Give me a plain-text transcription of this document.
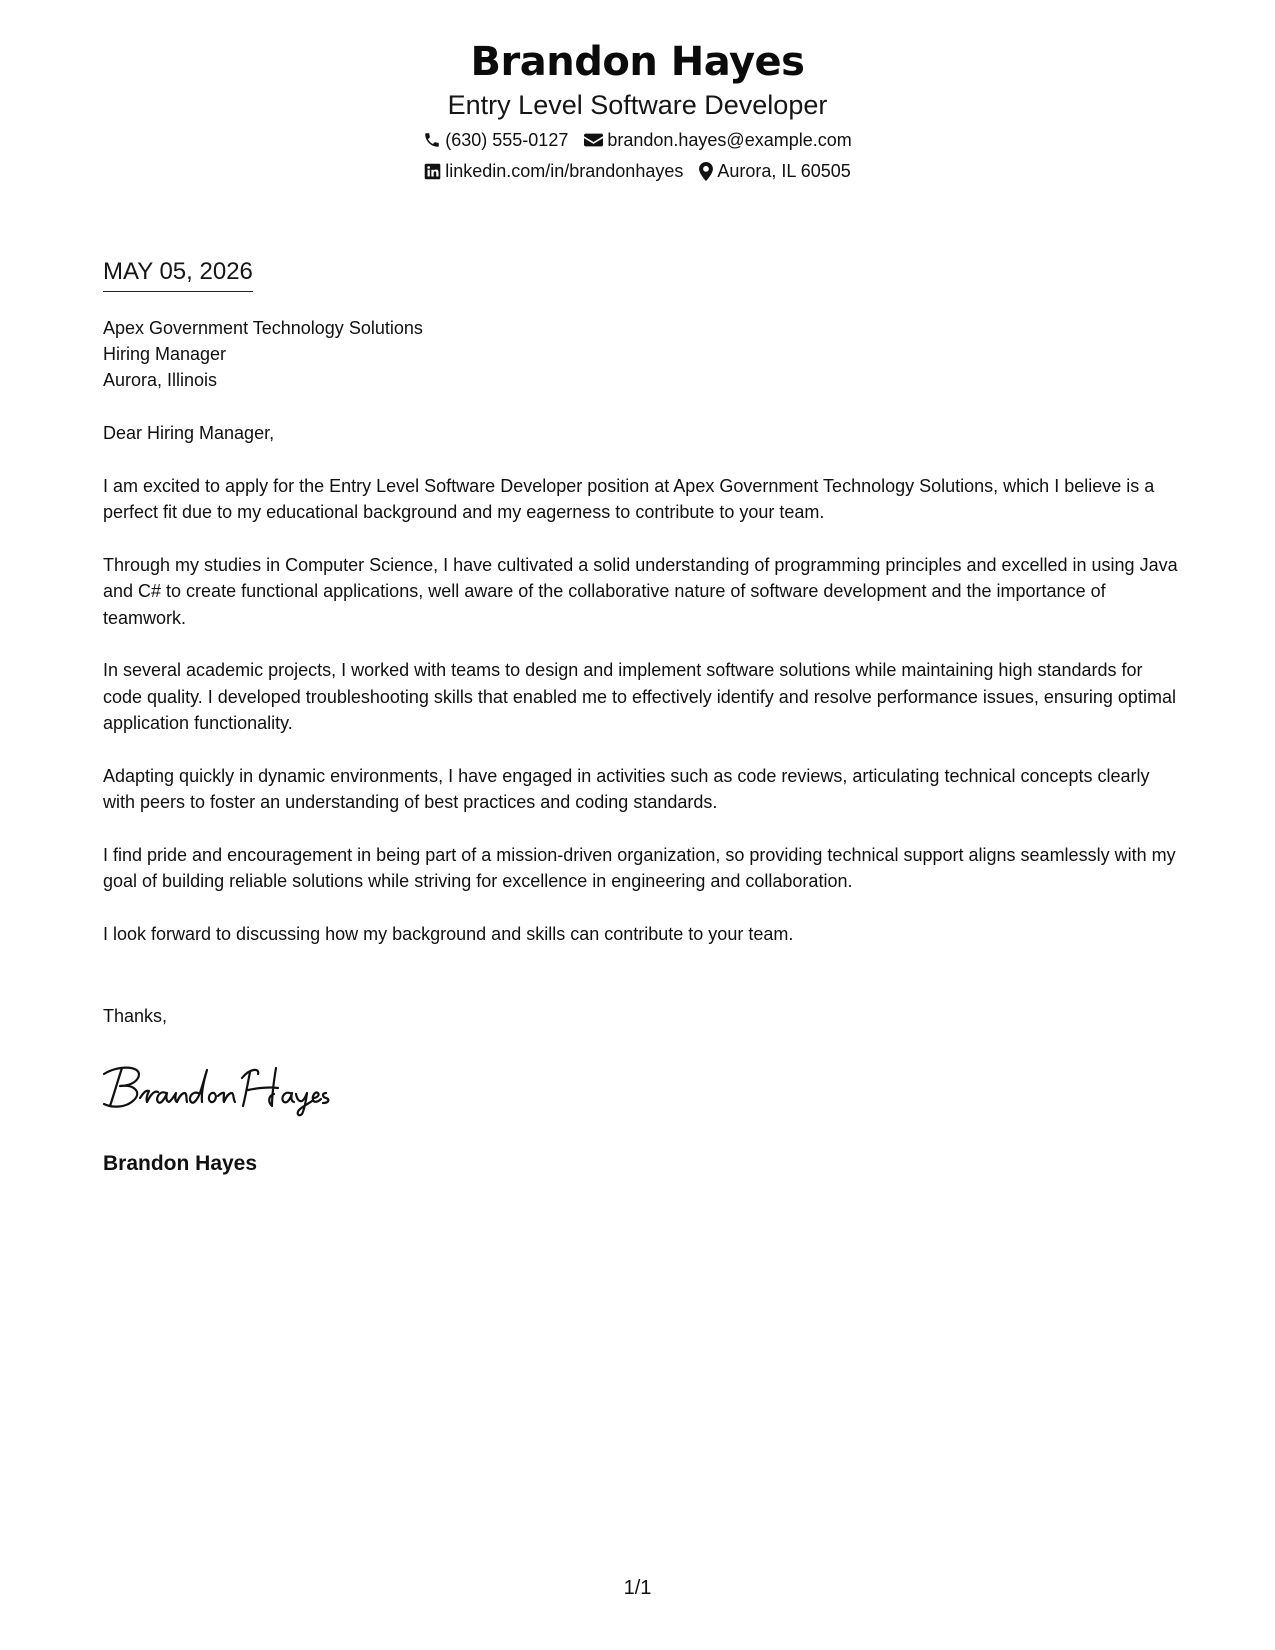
Brandon Hayes
Entry Level Software Developer
(630) 555-0127 brandon.hayes@example.com
linkedin.com/in/brandonhayes Aurora, IL 60505
MAY 05, 2026
Apex Government Technology Solutions
Hiring Manager
Aurora, Illinois

Dear Hiring Manager,

I am excited to apply for the Entry Level Software Developer position at Apex Government Technology Solutions, which I believe is a perfect fit due to my educational background and my eagerness to contribute to your team.

Through my studies in Computer Science, I have cultivated a solid understanding of programming principles and excelled in using Java and C# to create functional applications, well aware of the collaborative nature of software development and the importance of teamwork.

In several academic projects, I worked with teams to design and implement software solutions while maintaining high standards for code quality. I developed troubleshooting skills that enabled me to effectively identify and resolve performance issues, ensuring optimal application functionality.

Adapting quickly in dynamic environments, I have engaged in activities such as code reviews, articulating technical concepts clearly with peers to foster an understanding of best practices and coding standards.

I find pride and encouragement in being part of a mission-driven organization, so providing technical support aligns seamlessly with my goal of building reliable solutions while striving for excellence in engineering and collaboration.

I look forward to discussing how my background and skills can contribute to your team.

Thanks,
Brandon Hayes
1/1
